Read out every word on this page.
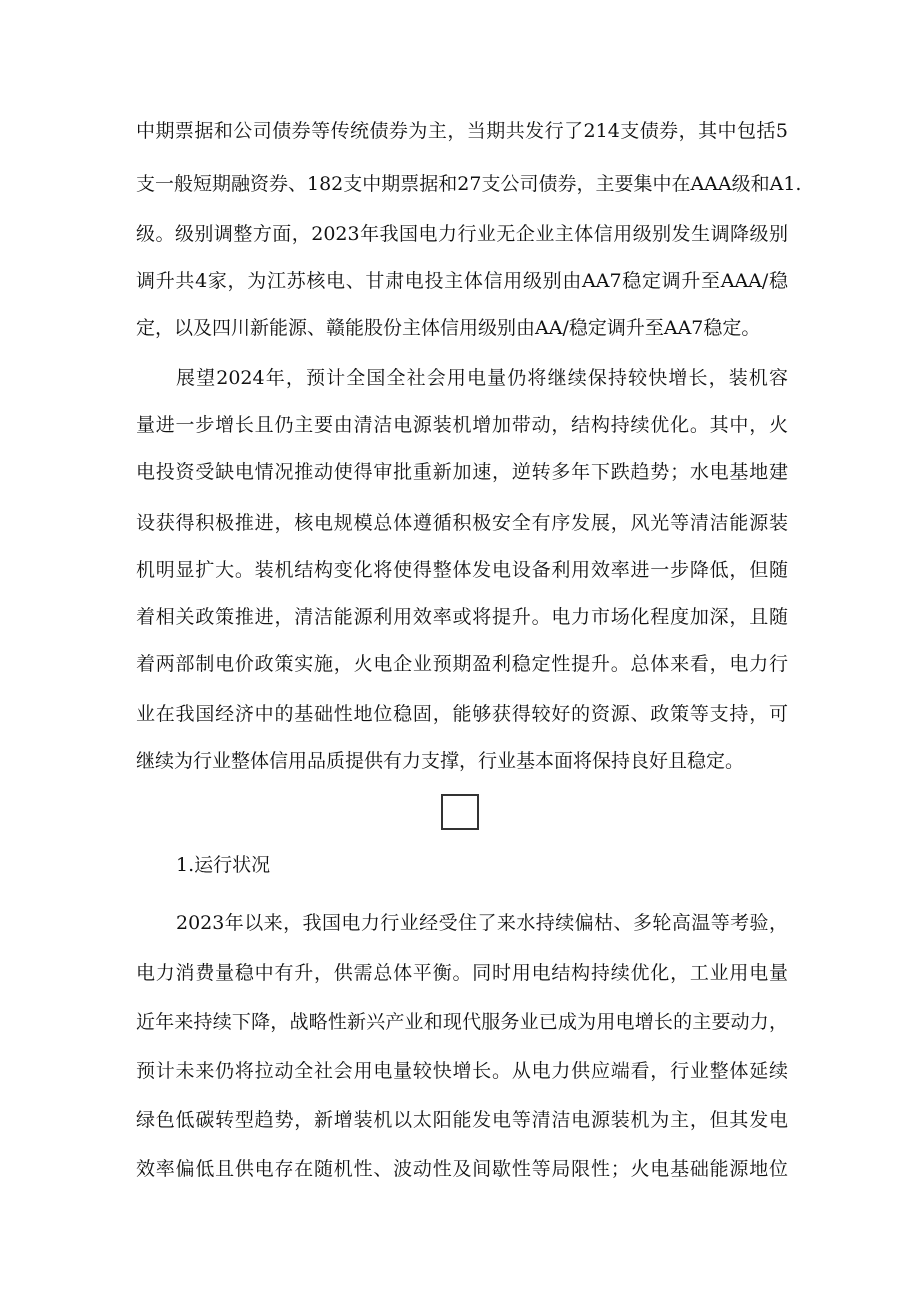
中期票据和公司债券等传统债券为主，当期共发行了214支债券，其中包括5
支一般短期融资券、182支中期票据和27支公司债券，主要集中在AAA级和A1.
级。级别调整方面，2023年我国电力行业无企业主体信用级别发生调降级别
调升共4家，为江苏核电、甘肃电投主体信用级别由AA7稳定调升至AAA/稳
定，以及四川新能源、赣能股份主体信用级别由AA/稳定调升至AA7稳定。
展望2024年，预计全国全社会用电量仍将继续保持较快增长，装机容
量进一步增长且仍主要由清洁电源装机增加带动，结构持续优化。其中，火
电投资受缺电情况推动使得审批重新加速，逆转多年下跌趋势；水电基地建
设获得积极推进，核电规模总体遵循积极安全有序发展，风光等清洁能源装
机明显扩大。装机结构变化将使得整体发电设备利用效率进一步降低，但随
着相关政策推进，清洁能源利用效率或将提升。电力市场化程度加深，且随
着两部制电价政策实施，火电企业预期盈利稳定性提升。总体来看，电力行
业在我国经济中的基础性地位稳固，能够获得较好的资源、政策等支持，可
继续为行业整体信用品质提供有力支撑，行业基本面将保持良好且稳定。
1.运行状况
2023年以来，我国电力行业经受住了来水持续偏枯、多轮高温等考验，
电力消费量稳中有升，供需总体平衡。同时用电结构持续优化，工业用电量
近年来持续下降，战略性新兴产业和现代服务业已成为用电增长的主要动力，
预计未来仍将拉动全社会用电量较快增长。从电力供应端看，行业整体延续
绿色低碳转型趋势，新增装机以太阳能发电等清洁电源装机为主，但其发电
效率偏低且供电存在随机性、波动性及间歇性等局限性；火电基础能源地位
